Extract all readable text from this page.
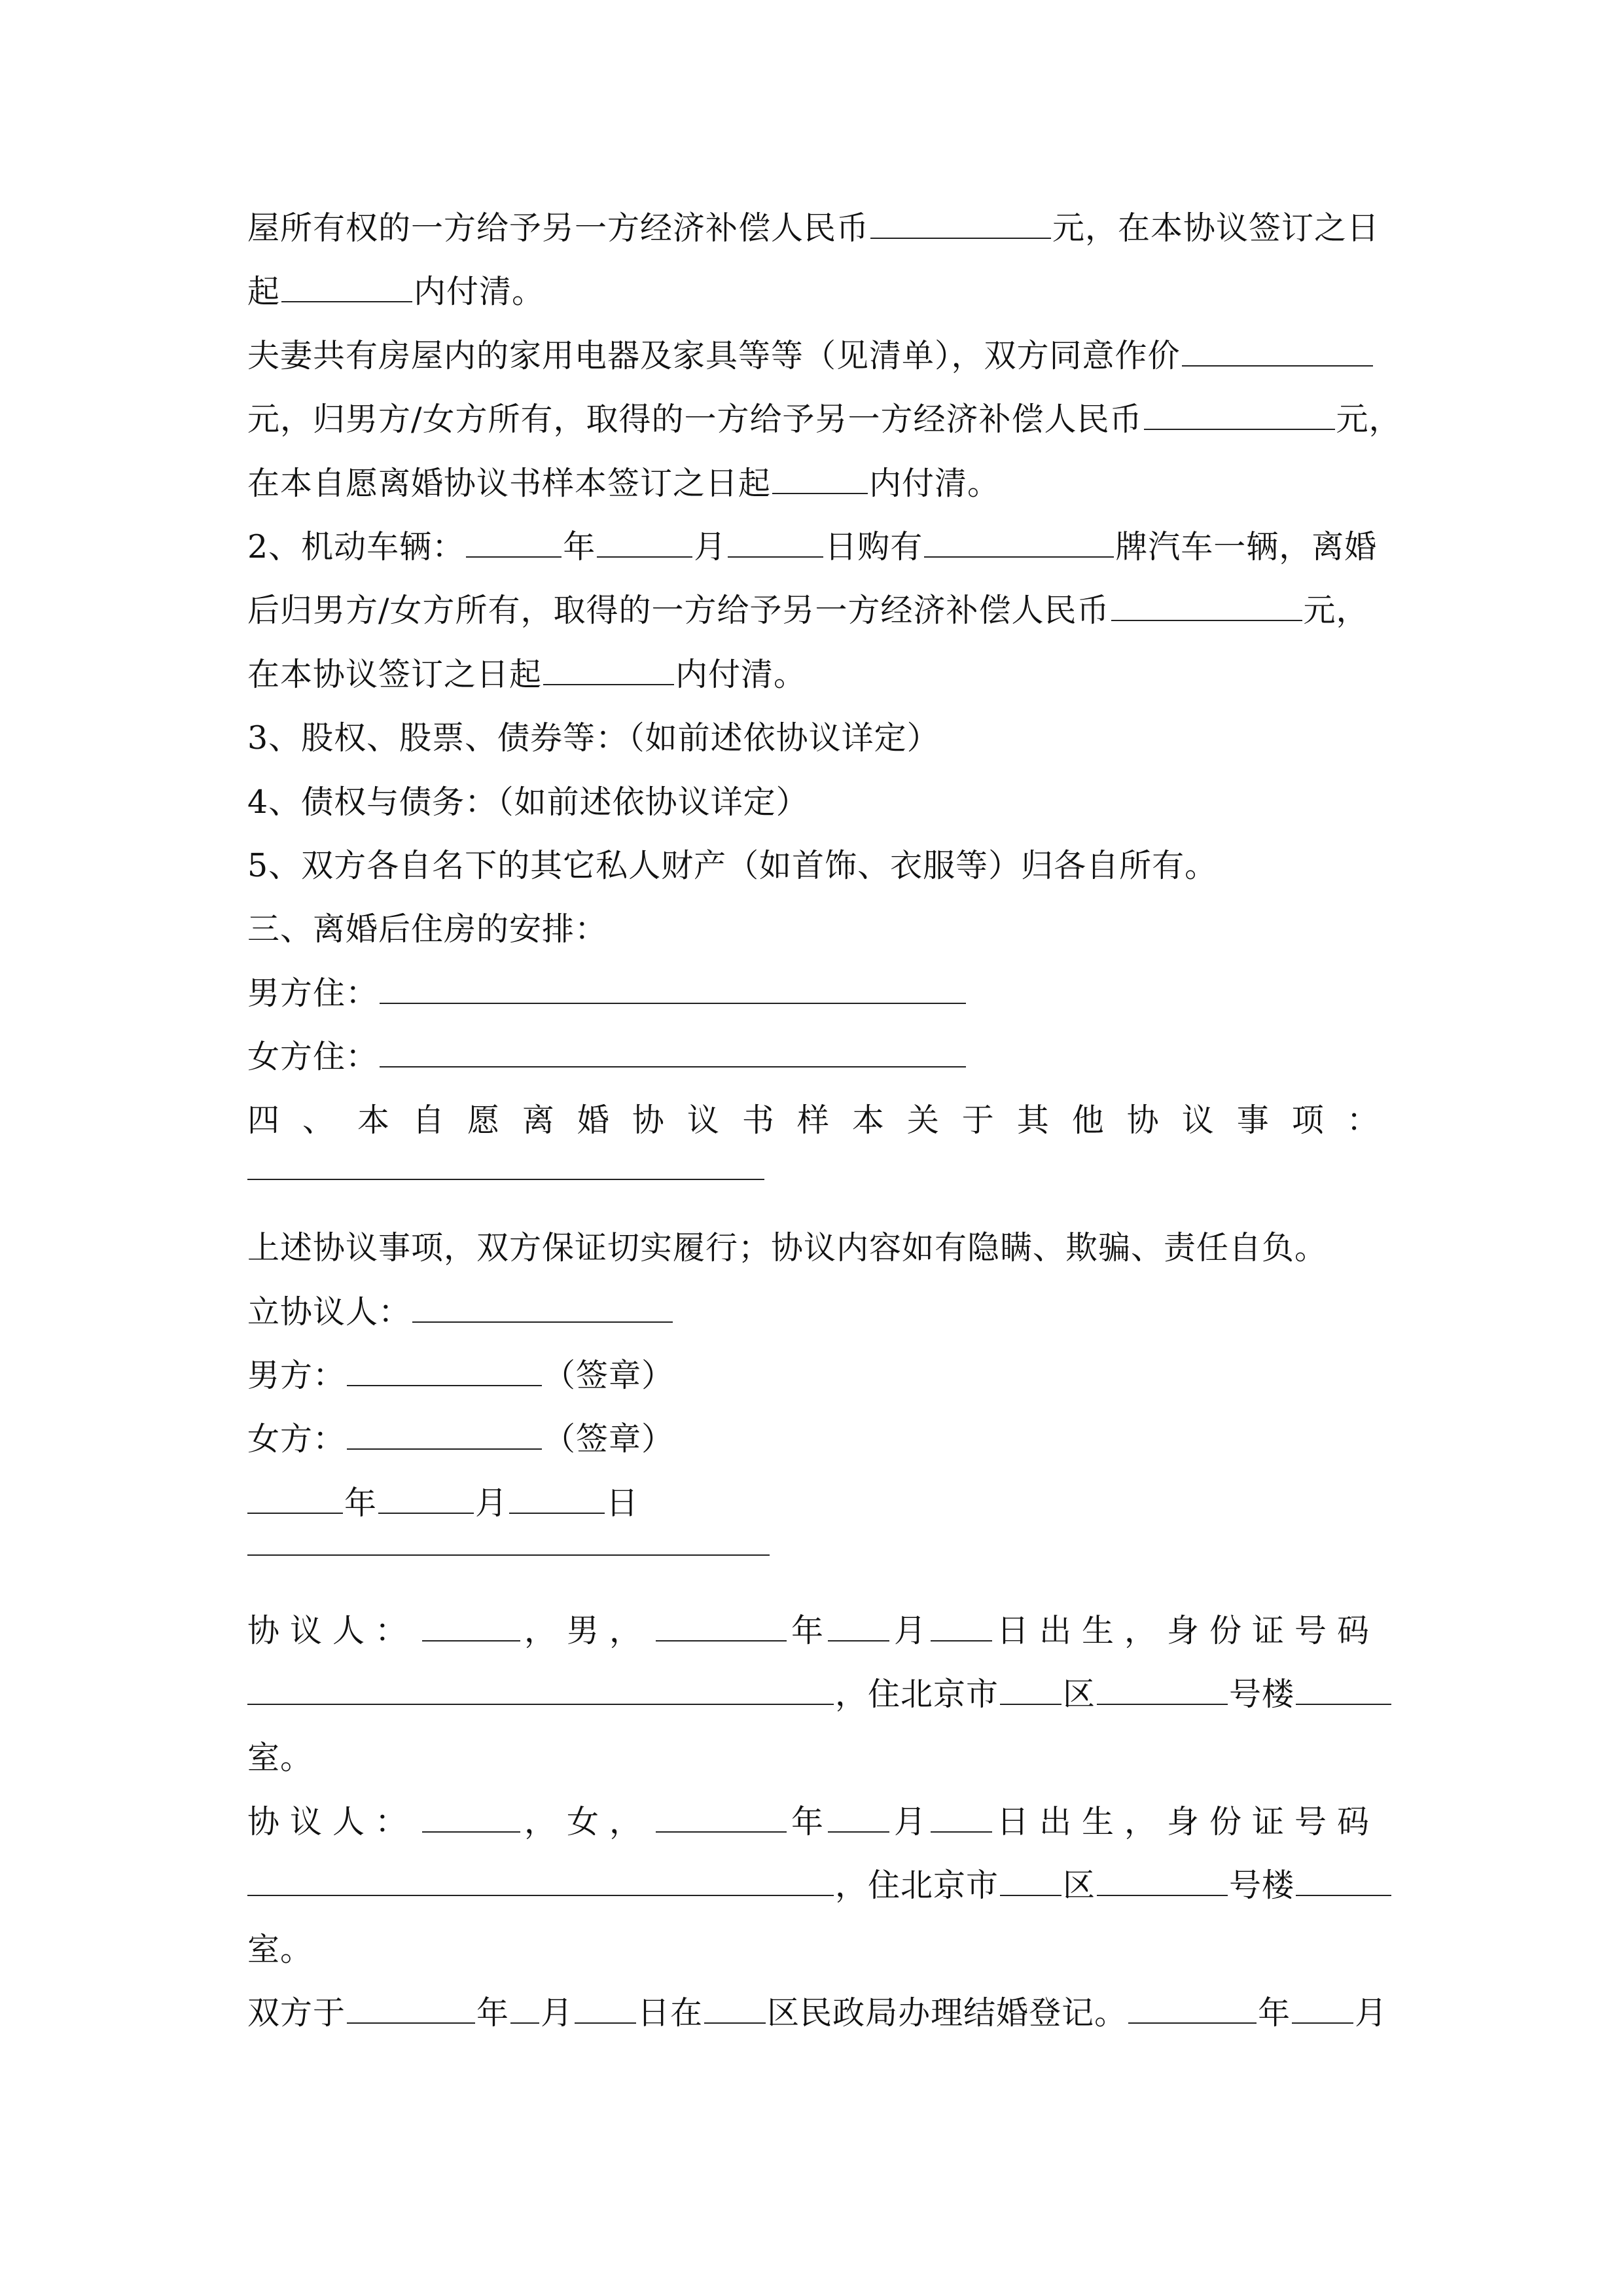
屋所有权的一方给予另一方经济补偿人民币	元，在本协议签订之日
起	内付清。
夫妻共有房屋内的家用电器及家具等等（见清单），双方同意作价
元，归男方/女方所有，取得的一方给予另一方经济补偿人民币	元，
在本自愿离婚协议书样本签订之日起	内付清。
2、机动车辆：	年	月	日购有	牌汽车一辆，离婚
后归男方/女方所有，取得的一方给予另一方经济补偿人民币	元，
在本协议签订之日起	内付清。
3、股权、股票、债券等：（如前述依协议详定）
4、债权与债务：（如前述依协议详定）
5、双方各自名下的其它私人财产（如首饰、衣服等）归各自所有。
三、离婚后住房的安排：
男方住：
女方住：
四 、 本 自 愿 离 婚 协 议 书 样 本 关 于 其 他 协 议 事 项 ：
上述协议事项，双方保证切实履行；协议内容如有隐瞒、欺骗、责任自负。
立协议人：
男方：	（签章）
女方：	（签章）
年	月	日
协议人：	，男，	年 月 日出生，身份证号码
，住北京市 区	号楼
室。
协议人：	，女，	年 月 日出生，身份证号码
，住北京市 区	号楼
室。
双方于	年 月 日在 区民政局办理结婚登记。	年 月
